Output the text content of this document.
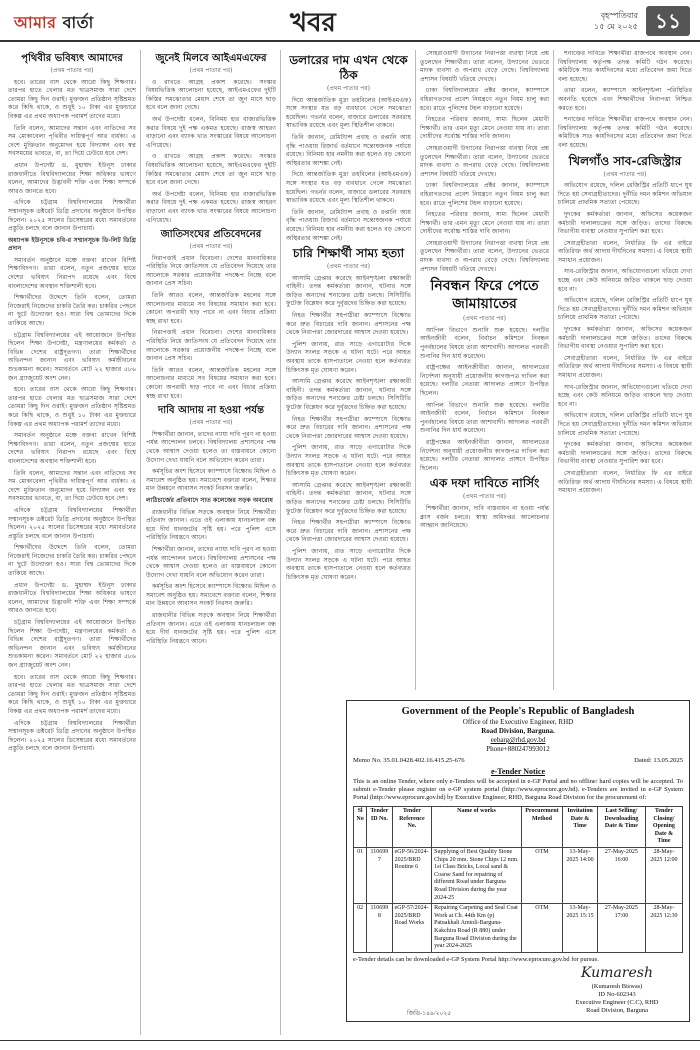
আমার বার্তা	খবর	বৃহস্পতিবার
১৫ মে ২০২৫ ১১
পৃথিবীর ভবিষ্যৎ আমাদের
(প্রথম পাতার পর)

হবে। তারের বাস থেকে আরো কিছু শিক্ষণার। তারপর হাতে খেলার মত ছাত্রসমাজ সারা দেশে তোমরা কিছু দিন ওরাই। মুক্তজন প্রতিষ্ঠান সৃষ্টিশ্রমত করে কিছি থাকে, ও শুধুই ১০ টাকা এর মুক্তচারে বিকল্প এর প্রথম অধ্যাপক পরামর্শ তাদের মধ্যে।

তিনি বলেন, আমাদের সন্তান এবং নাতিদের সব সম মোকাবেলা পৃথিবীর দায়িত্বপূর্ণ আর বার্ধক্য। এ দেশে মুক্তিতান অনুমোদন হয়ে বিদ্যাঙ্গন এবং স্বপ্ন সবসময়ের ভাবতে, বা, তা দিয়ে ঢেউয়ে হবে দেশ।

প্রধান উপদেষ্টা ড. মুহাম্মদ ইউনূস ঢাকার রাজধানীতে বিশ্ববিদ্যালয়ের শিক্ষা অধিকার ভাষণে বলেন, আমাদের উদ্ভাবনী শক্তি এবং শিক্ষা সম্পর্কে আরও জানতে হবে।

এদিকে চট্টগ্রাম বিশ্ববিদ্যালয়ের শিক্ষার্থীরা সম্মানসূচক ডক্টরেট ডিগ্রি প্রদানের অনুষ্ঠানে উপস্থিত ছিলেন। ২০২৫ সালের ডিসেম্বরের মধ্যে সমাবর্তনের প্রস্তুতি চলছে বলে জানান উপাচার্য।

অধ্যাপক ইউনূসকে চবি-র সম্মানসূচক ডি-লিট ডিগ্রি প্রদান

সমাবর্তন অনুষ্ঠানে মঞ্চে বক্তব্য রাখেন বিশিষ্ট শিক্ষাবিদগণ। তারা বলেন, নতুন প্রজন্মের হাতে দেশের ভবিষ্যৎ নিরাপদ রয়েছে এবং বিশ্বে বাংলাদেশের অবস্থান শক্তিশালী হবে।

শিক্ষার্থীদের উদ্দেশে তিনি বলেন, তোমরা নিজেরাই নিজেদের চাকরি তৈরি কর। চাকরির পেছনে না ছুটে উদ্যোক্তা হও। সারা বিশ্ব তোমাদের দিকে তাকিয়ে আছে।

চট্টগ্রাম বিশ্ববিদ্যালয়ের এই আয়োজনে উপস্থিত ছিলেন শিক্ষা উপদেষ্টা, মন্ত্রণালয়ের কর্মকর্তা ও বিভিন্ন দেশের রাষ্ট্রদূতগণ। তারা শিক্ষার্থীদের অভিনন্দন জানান এবং ভবিষ্যৎ কর্মজীবনের শুভকামনা করেন। সমাবর্তনে মোট ২২ হাজার ৫৮৬ জন গ্র্যাজুয়েট অংশ নেন।

হবে। তারের বাস থেকে আরো কিছু শিক্ষণার। তারপর হাতে খেলার মত ছাত্রসমাজ সারা দেশে তোমরা কিছু দিন ওরাই। মুক্তজন প্রতিষ্ঠান সৃষ্টিশ্রমত করে কিছি থাকে, ও শুধুই ১০ টাকা এর মুক্তচারে বিকল্প এর প্রথম অধ্যাপক পরামর্শ তাদের মধ্যে।

সমাবর্তন অনুষ্ঠানে মঞ্চে বক্তব্য রাখেন বিশিষ্ট শিক্ষাবিদগণ। তারা বলেন, নতুন প্রজন্মের হাতে দেশের ভবিষ্যৎ নিরাপদ রয়েছে এবং বিশ্বে বাংলাদেশের অবস্থান শক্তিশালী হবে।

তিনি বলেন, আমাদের সন্তান এবং নাতিদের সব সম মোকাবেলা পৃথিবীর দায়িত্বপূর্ণ আর বার্ধক্য। এ দেশে মুক্তিতান অনুমোদন হয়ে বিদ্যাঙ্গন এবং স্বপ্ন সবসময়ের ভাবতে, বা, তা দিয়ে ঢেউয়ে হবে দেশ।

এদিকে চট্টগ্রাম বিশ্ববিদ্যালয়ের শিক্ষার্থীরা সম্মানসূচক ডক্টরেট ডিগ্রি প্রদানের অনুষ্ঠানে উপস্থিত ছিলেন। ২০২৫ সালের ডিসেম্বরের মধ্যে সমাবর্তনের প্রস্তুতি চলছে বলে জানান উপাচার্য।

শিক্ষার্থীদের উদ্দেশে তিনি বলেন, তোমরা নিজেরাই নিজেদের চাকরি তৈরি কর। চাকরির পেছনে না ছুটে উদ্যোক্তা হও। সারা বিশ্ব তোমাদের দিকে তাকিয়ে আছে।

প্রধান উপদেষ্টা ড. মুহাম্মদ ইউনূস ঢাকার রাজধানীতে বিশ্ববিদ্যালয়ের শিক্ষা অধিকার ভাষণে বলেন, আমাদের উদ্ভাবনী শক্তি এবং শিক্ষা সম্পর্কে আরও জানতে হবে।

চট্টগ্রাম বিশ্ববিদ্যালয়ের এই আয়োজনে উপস্থিত ছিলেন শিক্ষা উপদেষ্টা, মন্ত্রণালয়ের কর্মকর্তা ও বিভিন্ন দেশের রাষ্ট্রদূতগণ। তারা শিক্ষার্থীদের অভিনন্দন জানান এবং ভবিষ্যৎ কর্মজীবনের শুভকামনা করেন। সমাবর্তনে মোট ২২ হাজার ৫৮৬ জন গ্র্যাজুয়েট অংশ নেন।

হবে। তারের বাস থেকে আরো কিছু শিক্ষণার। তারপর হাতে খেলার মত ছাত্রসমাজ সারা দেশে তোমরা কিছু দিন ওরাই। মুক্তজন প্রতিষ্ঠান সৃষ্টিশ্রমত করে কিছি থাকে, ও শুধুই ১০ টাকা এর মুক্তচারে বিকল্প এর প্রথম অধ্যাপক পরামর্শ তাদের মধ্যে।

এদিকে চট্টগ্রাম বিশ্ববিদ্যালয়ের শিক্ষার্থীরা সম্মানসূচক ডক্টরেট ডিগ্রি প্রদানের অনুষ্ঠানে উপস্থিত ছিলেন। ২০২৫ সালের ডিসেম্বরের মধ্যে সমাবর্তনের প্রস্তুতি চলছে বলে জানান উপাচার্য।

জুনেই মিলবে আইএমএফের
(প্রথম পাতার পর)

ও রাখতে আগ্রহ প্রকাশ করেছে। সংস্কার বিষয়ভিত্তিক আলোচনা হয়েছে, আইএমএফের দুইটি কিস্তির সমঝোতার মেয়াদ শেষে তা জুন মাসে ছাড় হবে বলে জানা গেছে।

অর্থ উপদেষ্টা বলেন, বিনিময় হার বাজারভিত্তিক করার বিষয়ে দুই পক্ষ একমত হয়েছে। রাজস্ব আহরণ বাড়ানো এবং ব্যাংক খাত সংস্কারের বিষয়ে আলোচনা এগিয়েছে।

ও রাখতে আগ্রহ প্রকাশ করেছে। সংস্কার বিষয়ভিত্তিক আলোচনা হয়েছে, আইএমএফের দুইটি কিস্তির সমঝোতার মেয়াদ শেষে তা জুন মাসে ছাড় হবে বলে জানা গেছে।

অর্থ উপদেষ্টা বলেন, বিনিময় হার বাজারভিত্তিক করার বিষয়ে দুই পক্ষ একমত হয়েছে। রাজস্ব আহরণ বাড়ানো এবং ব্যাংক খাত সংস্কারের বিষয়ে আলোচনা এগিয়েছে।

জাতিসংঘের প্রতিবেদনের
(প্রথম পাতার পর)

নিরাপত্তাই প্রধান বিবেচনা। দেশের মানবাধিকার পরিস্থিতি নিয়ে জাতিসংঘ যে প্রতিবেদন দিয়েছে তার আলোকে সরকার প্রয়োজনীয় পদক্ষেপ নিচ্ছে বলে জানান প্রেস সচিব।

তিনি আরও বলেন, আন্তর্জাতিক মহলের সঙ্গে আলোচনার মাধ্যমে সব বিষয়ের সমাধান করা হবে। কোনো অপরাধী ছাড় পাবে না এবং বিচার প্রক্রিয়া স্বচ্ছ রাখা হবে।

নিরাপত্তাই প্রধান বিবেচনা। দেশের মানবাধিকার পরিস্থিতি নিয়ে জাতিসংঘ যে প্রতিবেদন দিয়েছে তার আলোকে সরকার প্রয়োজনীয় পদক্ষেপ নিচ্ছে বলে জানান প্রেস সচিব।

তিনি আরও বলেন, আন্তর্জাতিক মহলের সঙ্গে আলোচনার মাধ্যমে সব বিষয়ের সমাধান করা হবে। কোনো অপরাধী ছাড় পাবে না এবং বিচার প্রক্রিয়া স্বচ্ছ রাখা হবে।

দাবি আদায় না হওয়া পর্যন্ত
(প্রথম পাতার পর)

শিক্ষার্থীরা জানান, তাদের ন্যায্য দাবি পূরণ না হওয়া পর্যন্ত আন্দোলন চলবে। বিশ্ববিদ্যালয় প্রশাসনের পক্ষ থেকে আশ্বাস দেওয়া হলেও তা বাস্তবায়নে কোনো উদ্যোগ দেখা যায়নি বলে অভিযোগ করেন তারা।

কর্মসূচির অংশ হিসেবে ক্যাম্পাসে বিক্ষোভ মিছিল ও সমাবেশ অনুষ্ঠিত হয়। সমাবেশে বক্তারা বলেন, শিক্ষার মান উন্নয়নে আবাসন সংকট নিরসন জরুরি।

লাঠিচার্জের প্রতিবাদে সাত কলেজের সড়ক অবরোধ

রাজধানীর বিভিন্ন সড়কে অবস্থান নিয়ে শিক্ষার্থীরা প্রতিবাদ জানান। এতে ওই এলাকায় যানচলাচল বন্ধ হয়ে দীর্ঘ যানজটের সৃষ্টি হয়। পরে পুলিশ এসে পরিস্থিতি নিয়ন্ত্রণে আনে।

শিক্ষার্থীরা জানান, তাদের ন্যায্য দাবি পূরণ না হওয়া পর্যন্ত আন্দোলন চলবে। বিশ্ববিদ্যালয় প্রশাসনের পক্ষ থেকে আশ্বাস দেওয়া হলেও তা বাস্তবায়নে কোনো উদ্যোগ দেখা যায়নি বলে অভিযোগ করেন তারা।

কর্মসূচির অংশ হিসেবে ক্যাম্পাসে বিক্ষোভ মিছিল ও সমাবেশ অনুষ্ঠিত হয়। সমাবেশে বক্তারা বলেন, শিক্ষার মান উন্নয়নে আবাসন সংকট নিরসন জরুরি।

রাজধানীর বিভিন্ন সড়কে অবস্থান নিয়ে শিক্ষার্থীরা প্রতিবাদ জানান। এতে ওই এলাকায় যানচলাচল বন্ধ হয়ে দীর্ঘ যানজটের সৃষ্টি হয়। পরে পুলিশ এসে পরিস্থিতি নিয়ন্ত্রণে আনে।

ডলারের দাম এখন থেকে ঠিক
(প্রথম পাতার পর)

দিয়ে আন্তর্জাতিক মুদ্রা তহবিলের (আইএমএফ) সঙ্গে সংস্থার যত বড় ব্যবধানে গেলে সমঝোতা হয়েছিল। গভর্নর বলেন, বাজারে ডলারের সরবরাহ স্বাভাবিক রয়েছে এবং মূল্য স্থিতিশীল থাকবে।

তিনি জানান, রেমিট্যান্স প্রবাহ ও রপ্তানি আয় বৃদ্ধি পাওয়ায় রিজার্ভ বর্তমানে সন্তোষজনক পর্যায়ে রয়েছে। বিনিময় হার নমনীয় করা হলেও বড় কোনো অস্থিরতার আশঙ্কা নেই।

দিয়ে আন্তর্জাতিক মুদ্রা তহবিলের (আইএমএফ) সঙ্গে সংস্থার যত বড় ব্যবধানে গেলে সমঝোতা হয়েছিল। গভর্নর বলেন, বাজারে ডলারের সরবরাহ স্বাভাবিক রয়েছে এবং মূল্য স্থিতিশীল থাকবে।

তিনি জানান, রেমিট্যান্স প্রবাহ ও রপ্তানি আয় বৃদ্ধি পাওয়ায় রিজার্ভ বর্তমানে সন্তোষজনক পর্যায়ে রয়েছে। বিনিময় হার নমনীয় করা হলেও বড় কোনো অস্থিরতার আশঙ্কা নেই।

চারি শিক্ষার্থী সাম্য হত্যা
(প্রথম পাতার পর)

আসামি গ্রেপ্তার করেছে আইনশৃঙ্খলা রক্ষাকারী বাহিনী। তদন্ত কর্মকর্তারা জানান, ঘটনার সঙ্গে জড়িত অন্যদের শনাক্তের চেষ্টা চলছে। সিসিটিভি ফুটেজ বিশ্লেষণ করে দুর্বৃত্তদের চিহ্নিত করা হয়েছে।

নিহত শিক্ষার্থীর সহপাঠীরা ক্যাম্পাসে বিক্ষোভ করে দ্রুত বিচারের দাবি জানান। প্রশাসনের পক্ষ থেকে নিরাপত্তা জোরদারের আশ্বাস দেওয়া হয়েছে।

পুলিশ জানায়, রাত সাড়ে এগারোটার দিকে উদ্যান সংলগ্ন সড়কে এ ঘটনা ঘটে। পরে আহত অবস্থায় তাকে হাসপাতালে নেওয়া হলে কর্তব্যরত চিকিৎসক মৃত ঘোষণা করেন।

আসামি গ্রেপ্তার করেছে আইনশৃঙ্খলা রক্ষাকারী বাহিনী। তদন্ত কর্মকর্তারা জানান, ঘটনার সঙ্গে জড়িত অন্যদের শনাক্তের চেষ্টা চলছে। সিসিটিভি ফুটেজ বিশ্লেষণ করে দুর্বৃত্তদের চিহ্নিত করা হয়েছে।

নিহত শিক্ষার্থীর সহপাঠীরা ক্যাম্পাসে বিক্ষোভ করে দ্রুত বিচারের দাবি জানান। প্রশাসনের পক্ষ থেকে নিরাপত্তা জোরদারের আশ্বাস দেওয়া হয়েছে।

পুলিশ জানায়, রাত সাড়ে এগারোটার দিকে উদ্যান সংলগ্ন সড়কে এ ঘটনা ঘটে। পরে আহত অবস্থায় তাকে হাসপাতালে নেওয়া হলে কর্তব্যরত চিকিৎসক মৃত ঘোষণা করেন।

আসামি গ্রেপ্তার করেছে আইনশৃঙ্খলা রক্ষাকারী বাহিনী। তদন্ত কর্মকর্তারা জানান, ঘটনার সঙ্গে জড়িত অন্যদের শনাক্তের চেষ্টা চলছে। সিসিটিভি ফুটেজ বিশ্লেষণ করে দুর্বৃত্তদের চিহ্নিত করা হয়েছে।

নিহত শিক্ষার্থীর সহপাঠীরা ক্যাম্পাসে বিক্ষোভ করে দ্রুত বিচারের দাবি জানান। প্রশাসনের পক্ষ থেকে নিরাপত্তা জোরদারের আশ্বাস দেওয়া হয়েছে।

পুলিশ জানায়, রাত সাড়ে এগারোটার দিকে উদ্যান সংলগ্ন সড়কে এ ঘটনা ঘটে। পরে আহত অবস্থায় তাকে হাসপাতালে নেওয়া হলে কর্তব্যরত চিকিৎসক মৃত ঘোষণা করেন।

সোহরাওয়ার্দী উদ্যানের নিরাপত্তা ব্যবস্থা নিয়ে প্রশ্ন তুলেছেন শিক্ষার্থীরা। তারা বলেন, উদ্যানের ভেতরে মাদক ব্যবসা ও অপরাধ বেড়ে গেছে। বিশ্ববিদ্যালয় প্রশাসন বিষয়টি খতিয়ে দেখছে।

ঢাকা বিশ্ববিদ্যালয়ের প্রক্টর জানান, ক্যাম্পাসে বহিরাগতদের প্রবেশ নিয়ন্ত্রণে নতুন নিয়ম চালু করা হবে। রাতে পুলিশের টহল বাড়ানো হয়েছে।

নিহতের পরিবার জানায়, সাম্য ছিলেন মেধাবী শিক্ষার্থী। তার এমন মৃত্যু মেনে নেওয়া যায় না। তারা দোষীদের সর্বোচ্চ শাস্তির দাবি জানান।

সোহরাওয়ার্দী উদ্যানের নিরাপত্তা ব্যবস্থা নিয়ে প্রশ্ন তুলেছেন শিক্ষার্থীরা। তারা বলেন, উদ্যানের ভেতরে মাদক ব্যবসা ও অপরাধ বেড়ে গেছে। বিশ্ববিদ্যালয় প্রশাসন বিষয়টি খতিয়ে দেখছে।

ঢাকা বিশ্ববিদ্যালয়ের প্রক্টর জানান, ক্যাম্পাসে বহিরাগতদের প্রবেশ নিয়ন্ত্রণে নতুন নিয়ম চালু করা হবে। রাতে পুলিশের টহল বাড়ানো হয়েছে।

নিহতের পরিবার জানায়, সাম্য ছিলেন মেধাবী শিক্ষার্থী। তার এমন মৃত্যু মেনে নেওয়া যায় না। তারা দোষীদের সর্বোচ্চ শাস্তির দাবি জানান।

সোহরাওয়ার্দী উদ্যানের নিরাপত্তা ব্যবস্থা নিয়ে প্রশ্ন তুলেছেন শিক্ষার্থীরা। তারা বলেন, উদ্যানের ভেতরে মাদক ব্যবসা ও অপরাধ বেড়ে গেছে। বিশ্ববিদ্যালয় প্রশাসন বিষয়টি খতিয়ে দেখছে।

নিবন্ধন ফিরে পেতে জামায়াতের
(প্রথম পাতার পর)

আপিল বিভাগে শুনানি শুরু হয়েছে। দলটির আইনজীবী বলেন, নির্বাচন কমিশনে নিবন্ধন পুনর্বহালের বিষয়ে তারা আশাবাদী। আদালত পরবর্তী শুনানির দিন ধার্য করেছেন।

রাষ্ট্রপক্ষের আইনজীবীরা জানান, আদালতের নির্দেশনা অনুযায়ী প্রয়োজনীয় কাগজপত্র দাখিল করা হয়েছে। দলটির নেতারা আদালত প্রাঙ্গণে উপস্থিত ছিলেন।

আপিল বিভাগে শুনানি শুরু হয়েছে। দলটির আইনজীবী বলেন, নির্বাচন কমিশনে নিবন্ধন পুনর্বহালের বিষয়ে তারা আশাবাদী। আদালত পরবর্তী শুনানির দিন ধার্য করেছেন।

রাষ্ট্রপক্ষের আইনজীবীরা জানান, আদালতের নির্দেশনা অনুযায়ী প্রয়োজনীয় কাগজপত্র দাখিল করা হয়েছে। দলটির নেতারা আদালত প্রাঙ্গণে উপস্থিত ছিলেন।

এক দফা দাবিতে নার্সিং
(প্রথম পাতার পর)

শিক্ষার্থীরা জানান, দাবি বাস্তবায়ন না হওয়া পর্যন্ত ক্লাস বর্জন চলবে। স্বাস্থ্য অধিদপ্তর আলোচনার আহ্বান জানিয়েছে।

শনাক্তের দাবিতে শিক্ষার্থীরা রাজপথে অবস্থান নেন। বিশ্ববিদ্যালয় কর্তৃপক্ষ তদন্ত কমিটি গঠন করেছে। কমিটিকে সাত কার্যদিবসের মধ্যে প্রতিবেদন জমা দিতে বলা হয়েছে।

তারা বলেন, ক্যাম্পাসে আইনশৃঙ্খলা পরিস্থিতির অবনতি হয়েছে এবং শিক্ষার্থীদের নিরাপত্তা নিশ্চিত করতে হবে।

শনাক্তের দাবিতে শিক্ষার্থীরা রাজপথে অবস্থান নেন। বিশ্ববিদ্যালয় কর্তৃপক্ষ তদন্ত কমিটি গঠন করেছে। কমিটিকে সাত কার্যদিবসের মধ্যে প্রতিবেদন জমা দিতে বলা হয়েছে।

খিলগাঁও সাব-রেজিস্ট্রার
(প্রথম পাতার পর)

অভিযোগ রয়েছে, দলিল রেজিস্ট্রির প্রতিটি ধাপে ঘুষ দিতে হয় সেবাগ্রহীতাদের। দুর্নীতি দমন কমিশন অভিযান চালিয়ে প্রাথমিক সত্যতা পেয়েছে।

দুদকের কর্মকর্তারা জানান, অফিসের কয়েকজন কর্মচারী দালালচক্রের সঙ্গে জড়িত। তাদের বিরুদ্ধে বিভাগীয় ব্যবস্থা নেওয়ার সুপারিশ করা হবে।

সেবাগ্রহীতারা বলেন, নির্ধারিত ফি এর বাইরে অতিরিক্ত অর্থ আদায় দীর্ঘদিনের সমস্যা। এ বিষয়ে স্থায়ী সমাধান প্রয়োজন।

সাব-রেজিস্ট্রার জানান, অভিযোগগুলো খতিয়ে দেখা হচ্ছে এবং কেউ অনিয়মে জড়িত থাকলে ছাড় দেওয়া হবে না।

অভিযোগ রয়েছে, দলিল রেজিস্ট্রির প্রতিটি ধাপে ঘুষ দিতে হয় সেবাগ্রহীতাদের। দুর্নীতি দমন কমিশন অভিযান চালিয়ে প্রাথমিক সত্যতা পেয়েছে।

দুদকের কর্মকর্তারা জানান, অফিসের কয়েকজন কর্মচারী দালালচক্রের সঙ্গে জড়িত। তাদের বিরুদ্ধে বিভাগীয় ব্যবস্থা নেওয়ার সুপারিশ করা হবে।

সেবাগ্রহীতারা বলেন, নির্ধারিত ফি এর বাইরে অতিরিক্ত অর্থ আদায় দীর্ঘদিনের সমস্যা। এ বিষয়ে স্থায়ী সমাধান প্রয়োজন।

সাব-রেজিস্ট্রার জানান, অভিযোগগুলো খতিয়ে দেখা হচ্ছে এবং কেউ অনিয়মে জড়িত থাকলে ছাড় দেওয়া হবে না।

অভিযোগ রয়েছে, দলিল রেজিস্ট্রির প্রতিটি ধাপে ঘুষ দিতে হয় সেবাগ্রহীতাদের। দুর্নীতি দমন কমিশন অভিযান চালিয়ে প্রাথমিক সত্যতা পেয়েছে।

দুদকের কর্মকর্তারা জানান, অফিসের কয়েকজন কর্মচারী দালালচক্রের সঙ্গে জড়িত। তাদের বিরুদ্ধে বিভাগীয় ব্যবস্থা নেওয়ার সুপারিশ করা হবে।

সেবাগ্রহীতারা বলেন, নির্ধারিত ফি এর বাইরে অতিরিক্ত অর্থ আদায় দীর্ঘদিনের সমস্যা। এ বিষয়ে স্থায়ী সমাধান প্রয়োজন।

Government of the People's Republic of Bangladesh
Office of the Executive Engineer, RHD
Road Division, Barguna.
eebarg@rhd.gov.bd
Phone+880247993012
Memo No. 35.01.0428.402.16.415.25-676	Dated: 13.05.2025
e-Tender Notice
This is an online Tender, where only e-Tenders will be accepted in e-GP Portal and no offline/ hard copies will be accepted. To submit e-Tender please register on e-GP system portal (http://www.eprocure.gov.bd). e-Tenders are invited in e-GP System Portal (http://www.eprocure.gov.bd) by Executive Engineer, RHD, Barguna Road Division for the procurement of:
Sl No	Tender ID No.	Tender Reference No.	Name of works	Procurement Method	Invitation Date & Time	Last Selling/ Downloading Date & Time	Tender Closing/ Opening Date & Time
01	110699 7	eGP-56/2024-2025/BRD Routine 6	Supplying of Best Quality Stone Chips 20 mm. Stone Chips 12 mm. 1st Class Bricks, Local sand & Coarse Sand for repairing of different Road under Barguna Road Division during the year 2024-25	OTM	13-May-2025 14:00	27-May-2025 16:00	28-May-2025 12:00
02	110699 8	eGP-57/2024-2025/BRD Road Works	Repairing Carpeting and Seal Coat Work at Ch. 44th Km (p) Patuakhali Amtoli-Barguna-Kakchira Road (R 880) under Barguna Road Division during the year 2024-2025	OTM	13-May-2025 15:15	27-May-2025 17:00	28-May-2025 12:30
e-Tender details can be downloaded e-GP System Portal http://www.eprocure.gov.bd for pursue.
Kumaresh
(Kumaresh Biswas)
ID No-602343
Executive Engineer (C.C), RHD
Road Division, Barguna
জিডি-১৪৯/২০২৫
